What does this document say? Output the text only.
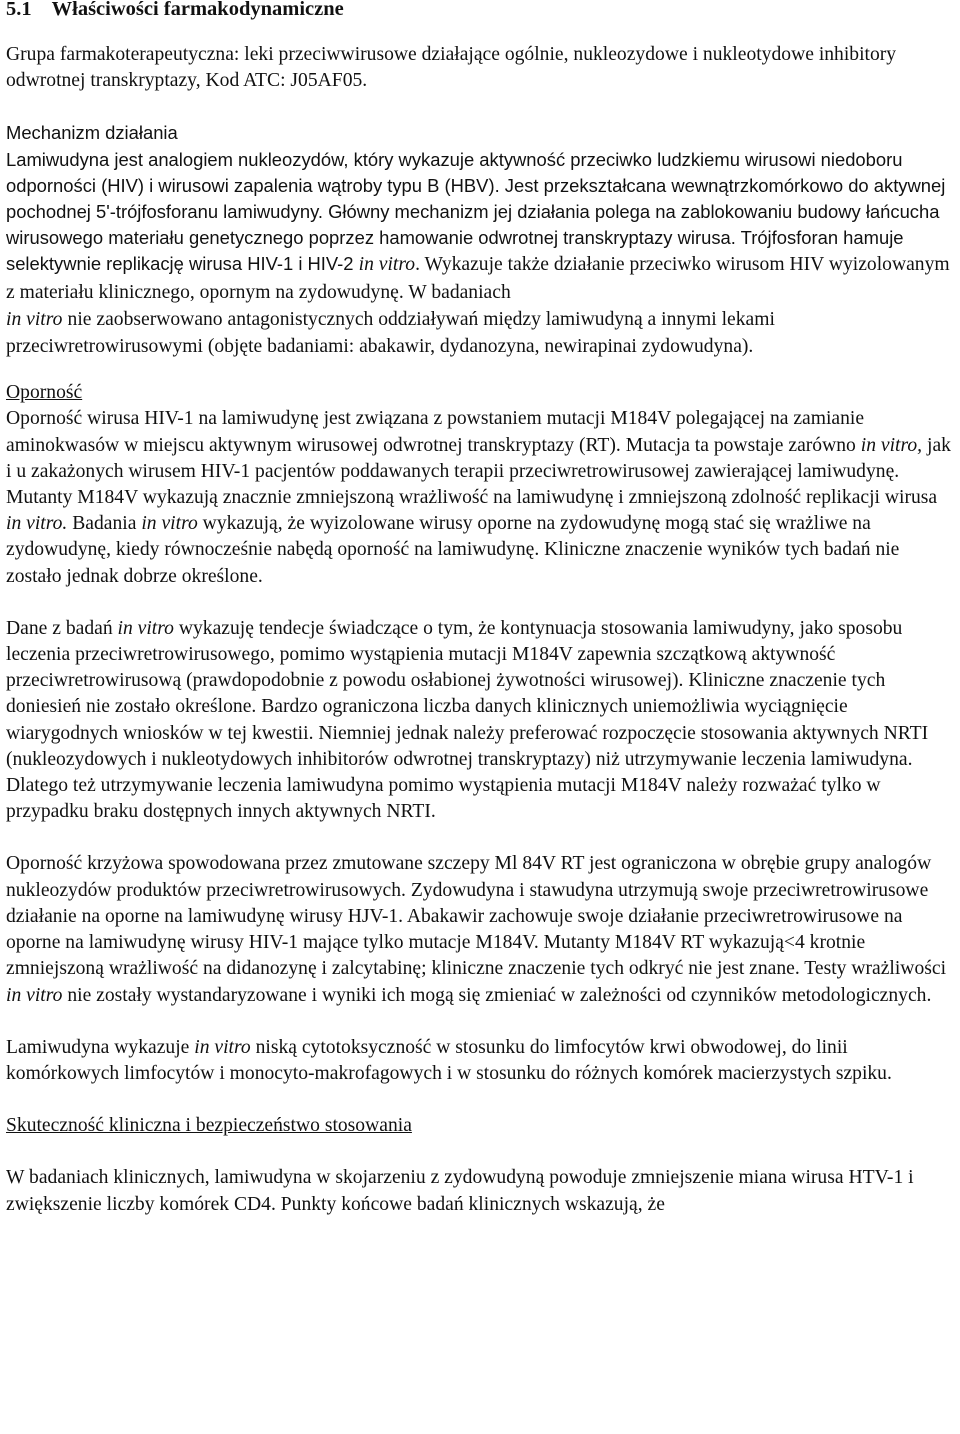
5.1 Właściwości farmakodynamiczne

Grupa farmakoterapeutyczna: leki przeciwwirusowe działające ogólnie, nukleozydowe i nukleotydowe inhibitory odwrotnej transkryptazy, Kod ATC: J05AF05.

Mechanizm działania

Lamiwudyna jest analogiem nukleozydów, który wykazuje aktywność przeciwko ludzkiemu wirusowi niedoboru odporności (HIV) i wirusowi zapalenia wątroby typu B (HBV). Jest przekształcana wewnątrzkomórkowo do aktywnej pochodnej 5'-trójfosforanu lamiwudyny. Główny mechanizm jej działania polega na zablokowaniu budowy łańcucha wirusowego materiału genetycznego poprzez hamowanie odwrotnej transkryptazy wirusa. Trójfosforan hamuje selektywnie replikację wirusa HIV-1 i HIV-2 in vitro. Wykazuje także działanie przeciwko wirusom HIV wyizolowanym z materiału klinicznego, opornym na zydowudynę. W badaniach
in vitro nie zaobserwowano antagonistycznych oddziaływań między lamiwudyną a innymi lekami przeciwretrowirusowymi (objęte badaniami: abakawir, dydanozyna, newirapinai zydowudyna).

Oporność

Oporność wirusa HIV-1 na lamiwudynę jest związana z powstaniem mutacji M184V polegającej na zamianie aminokwasów w miejscu aktywnym wirusowej odwrotnej transkryptazy (RT). Mutacja ta powstaje zarówno in vitro, jak i u zakażonych wirusem HIV-1 pacjentów poddawanych terapii przeciwretrowirusowej zawierającej lamiwudynę. Mutanty M184V wykazują znacznie zmniejszoną wrażliwość na lamiwudynę i zmniejszoną zdolność replikacji wirusa in vitro. Badania in vitro wykazują, że wyizolowane wirusy oporne na zydowudynę mogą stać się wrażliwe na zydowudynę, kiedy równocześnie nabędą oporność na lamiwudynę. Kliniczne znaczenie wyników tych badań nie zostało jednak dobrze określone.

Dane z badań in vitro wykazuję tendecje świadczące o tym, że kontynuacja stosowania lamiwudyny, jako sposobu leczenia przeciwretrowirusowego, pomimo wystąpienia mutacji M184V zapewnia szczątkową aktywność przeciwretrowirusową (prawdopodobnie z powodu osłabionej żywotności wirusowej). Kliniczne znaczenie tych doniesień nie zostało określone. Bardzo ograniczona liczba danych klinicznych uniemożliwia wyciągnięcie wiarygodnych wniosków w tej kwestii. Niemniej jednak należy preferować rozpoczęcie stosowania aktywnych NRTI (nukleozydowych i nukleotydowych inhibitorów odwrotnej transkryptazy) niż utrzymywanie leczenia lamiwudyna. Dlatego też utrzymywanie leczenia lamiwudyna pomimo wystąpienia mutacji M184V należy rozważać tylko w przypadku braku dostępnych innych aktywnych NRTI.

Oporność krzyżowa spowodowana przez zmutowane szczepy Ml 84V RT jest ograniczona w obrębie grupy analogów nukleozydów produktów przeciwretrowirusowych. Zydowudyna i stawudyna utrzymują swoje przeciwretrowirusowe działanie na oporne na lamiwudynę wirusy HJV-1. Abakawir zachowuje swoje działanie przeciwretrowirusowe na oporne na lamiwudynę wirusy HIV-1 mające tylko mutacje M184V. Mutanty M184V RT wykazują<4 krotnie zmniejszoną wrażliwość na didanozynę i zalcytabinę; kliniczne znaczenie tych odkryć nie jest znane. Testy wrażliwości in vitro nie zostały wystandaryzowane i wyniki ich mogą się zmieniać w zależności od czynników metodologicznych.

Lamiwudyna wykazuje in vitro niską cytotoksyczność w stosunku do limfocytów krwi obwodowej, do linii komórkowych limfocytów i monocyto-makrofagowych i w stosunku do różnych komórek macierzystych szpiku.

Skuteczność kliniczna i bezpieczeństwo stosowania

W badaniach klinicznych, lamiwudyna w skojarzeniu z zydowudyną powoduje zmniejszenie miana wirusa HTV-1 i zwiększenie liczby komórek CD4. Punkty końcowe badań klinicznych wskazują, że
